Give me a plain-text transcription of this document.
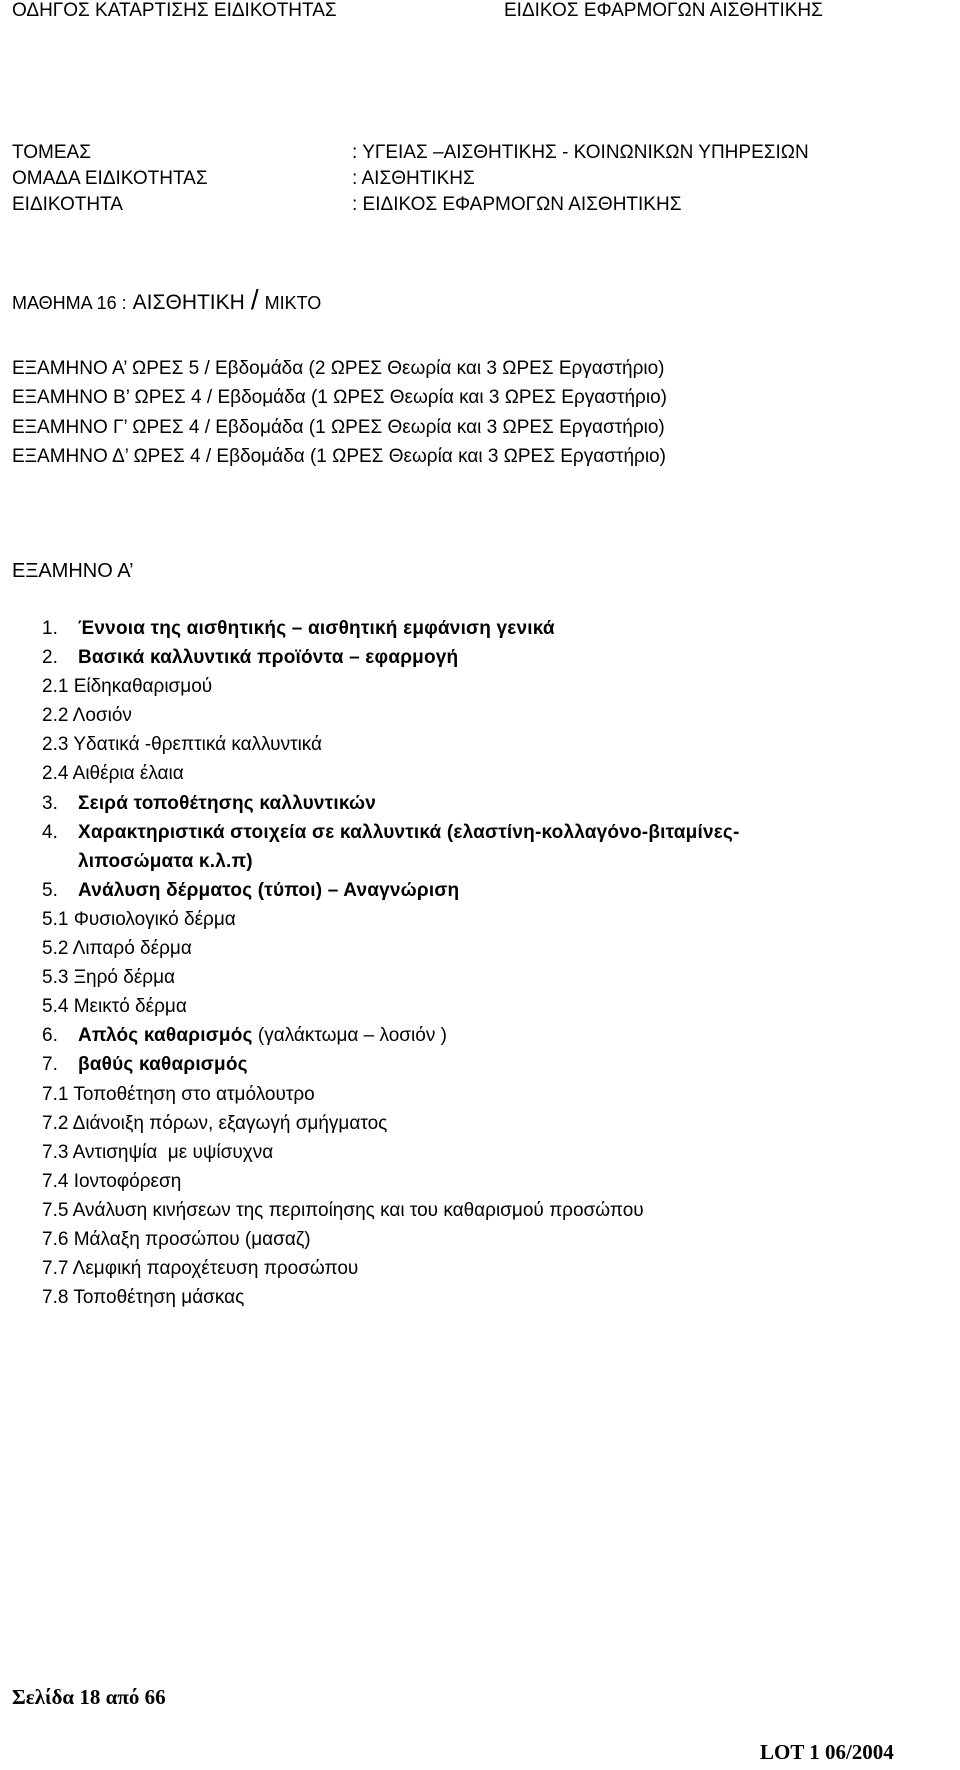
ΟΔΗΓΟΣ ΚΑΤΑΡΤΙΣΗΣ ΕΙΔΙΚΟΤΗΤΑΣ	ΕΙΔΙΚΟΣ ΕΦΑΡΜΟΓΩΝ ΑΙΣΘΗΤΙΚΗΣ
ΤΟΜΕΑΣ	: ΥΓΕΙΑΣ –ΑΙΣΘΗΤΙΚΗΣ - ΚΟΙΝΩΝΙΚΩΝ ΥΠΗΡΕΣΙΩΝ
ΟΜΑΔΑ ΕΙΔΙΚΟΤΗΤΑΣ	: ΑΙΣΘΗΤΙΚΗΣ
ΕΙΔΙΚΟΤΗΤΑ	: ΕΙΔΙΚΟΣ ΕΦΑΡΜΟΓΩΝ ΑΙΣΘΗΤΙΚΗΣ
ΜΑΘΗΜΑ 16 : ΑΙΣΘΗΤΙΚΗ / ΜΙΚΤΟ
ΕΞΑΜΗΝΟ Α’ ΩΡΕΣ 5 / Εβδομάδα (2 ΩΡΕΣ Θεωρία και 3 ΩΡΕΣ Εργαστήριο)
ΕΞΑΜΗΝΟ Β’ ΩΡΕΣ 4 / Εβδομάδα (1 ΩΡΕΣ Θεωρία και 3 ΩΡΕΣ Εργαστήριο)
ΕΞΑΜΗΝΟ Γ’ ΩΡΕΣ 4 / Εβδομάδα (1 ΩΡΕΣ Θεωρία και 3 ΩΡΕΣ Εργαστήριο)
ΕΞΑΜΗΝΟ Δ’ ΩΡΕΣ 4 / Εβδομάδα (1 ΩΡΕΣ Θεωρία και 3 ΩΡΕΣ Εργαστήριο)
ΕΞΑΜΗΝΟ Α’
1.	Έννοια της αισθητικής – αισθητική εμφάνιση γενικά
2.	Βασικά καλλυντικά προϊόντα – εφαρμογή
2.1 Είδηκαθαρισμού
2.2 Λοσιόν
2.3 Υδατικά -θρεπτικά καλλυντικά
2.4 Αιθέρια έλαια
3.	Σειρά τοποθέτησης καλλυντικών
4.	Χαρακτηριστικά στοιχεία σε καλλυντικά (ελαστίνη-κολλαγόνο-βιταμίνες-
λιποσώματα κ.λ.π)
5.	Ανάλυση δέρματος (τύποι) – Αναγνώριση
5.1 Φυσιολογικό δέρμα
5.2 Λιπαρό δέρμα
5.3 Ξηρό δέρμα
5.4 Μεικτό δέρμα
6.	Απλός καθαρισμός (γαλάκτωμα – λοσιόν )
7.	βαθύς καθαρισμός
7.1 Τοποθέτηση στο ατμόλουτρο
7.2 Διάνοιξη πόρων, εξαγωγή σμήγματος
7.3 Αντισηψία  με υψίσυχνα
7.4 Ιοντοφόρεση
7.5 Ανάλυση κινήσεων της περιποίησης και του καθαρισμού προσώπου
7.6 Μάλαξη προσώπου (μασαζ)
7.7 Λεμφική παροχέτευση προσώπου
7.8 Τοποθέτηση μάσκας
Σελίδα 18 από 66
LOT 1 06/2004
